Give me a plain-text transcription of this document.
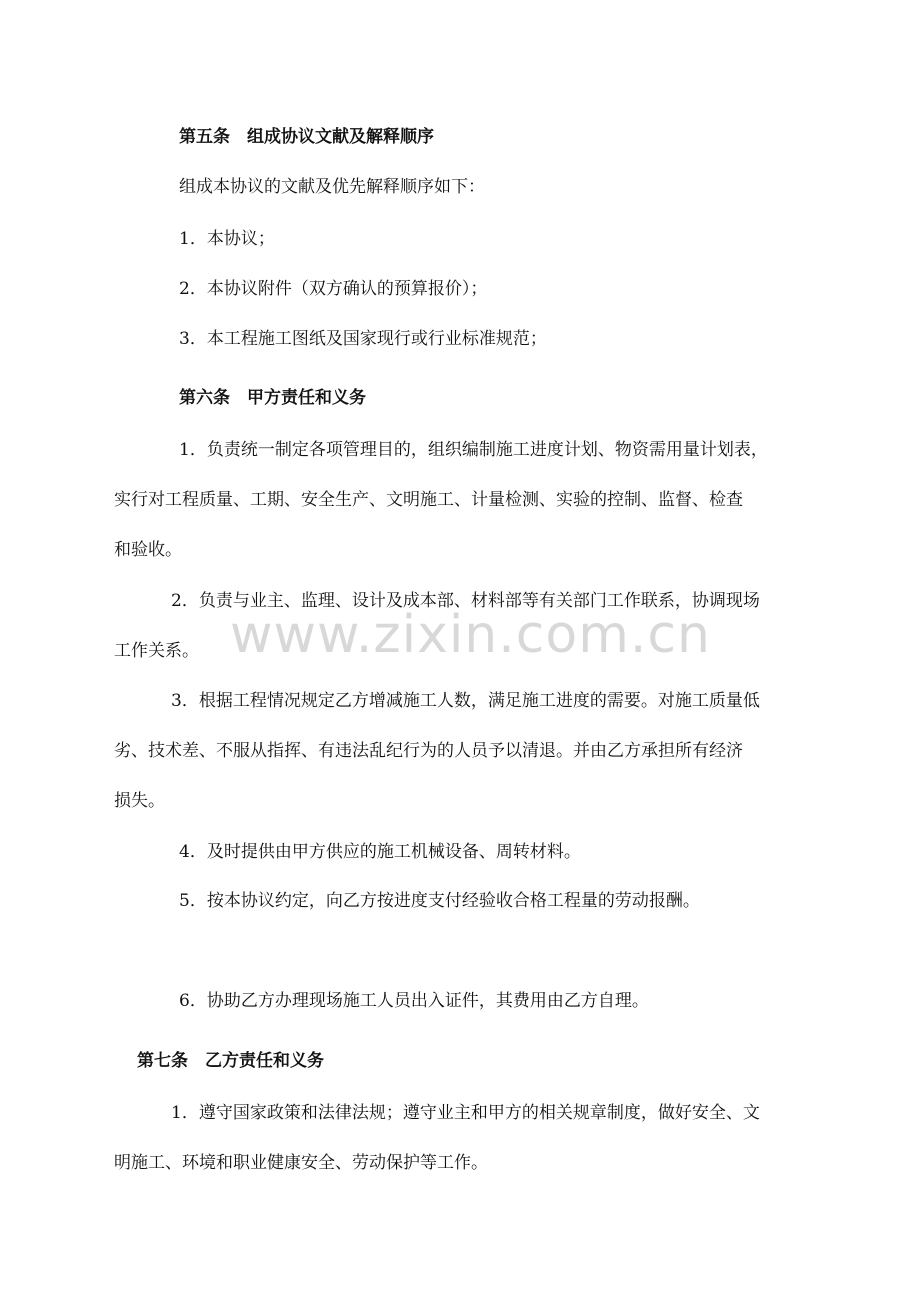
第五条　组成协议文献及解释顺序

组成本协议的文献及优先解释顺序如下：

1．本协议；

2．本协议附件（双方确认的预算报价）；

3．本工程施工图纸及国家现行或行业标准规范；

第六条　甲方责任和义务

1．负责统一制定各项管理目的，组织编制施工进度计划、物资需用量计划表，

实行对工程质量、工期、安全生产、文明施工、计量检测、实验的控制、监督、检查

和验收。

2．负责与业主、监理、设计及成本部、材料部等有关部门工作联系，协调现场

工作关系。

3．根据工程情况规定乙方增减施工人数，满足施工进度的需要。对施工质量低

劣、技术差、不服从指挥、有违法乱纪行为的人员予以清退。并由乙方承担所有经济

损失。

4．及时提供由甲方供应的施工机械设备、周转材料。

5．按本协议约定，向乙方按进度支付经验收合格工程量的劳动报酬。

6．协助乙方办理现场施工人员出入证件，其费用由乙方自理。

第七条　乙方责任和义务

1．遵守国家政策和法律法规；遵守业主和甲方的相关规章制度，做好安全、文

明施工、环境和职业健康安全、劳动保护等工作。

www.zixin.com.cn
